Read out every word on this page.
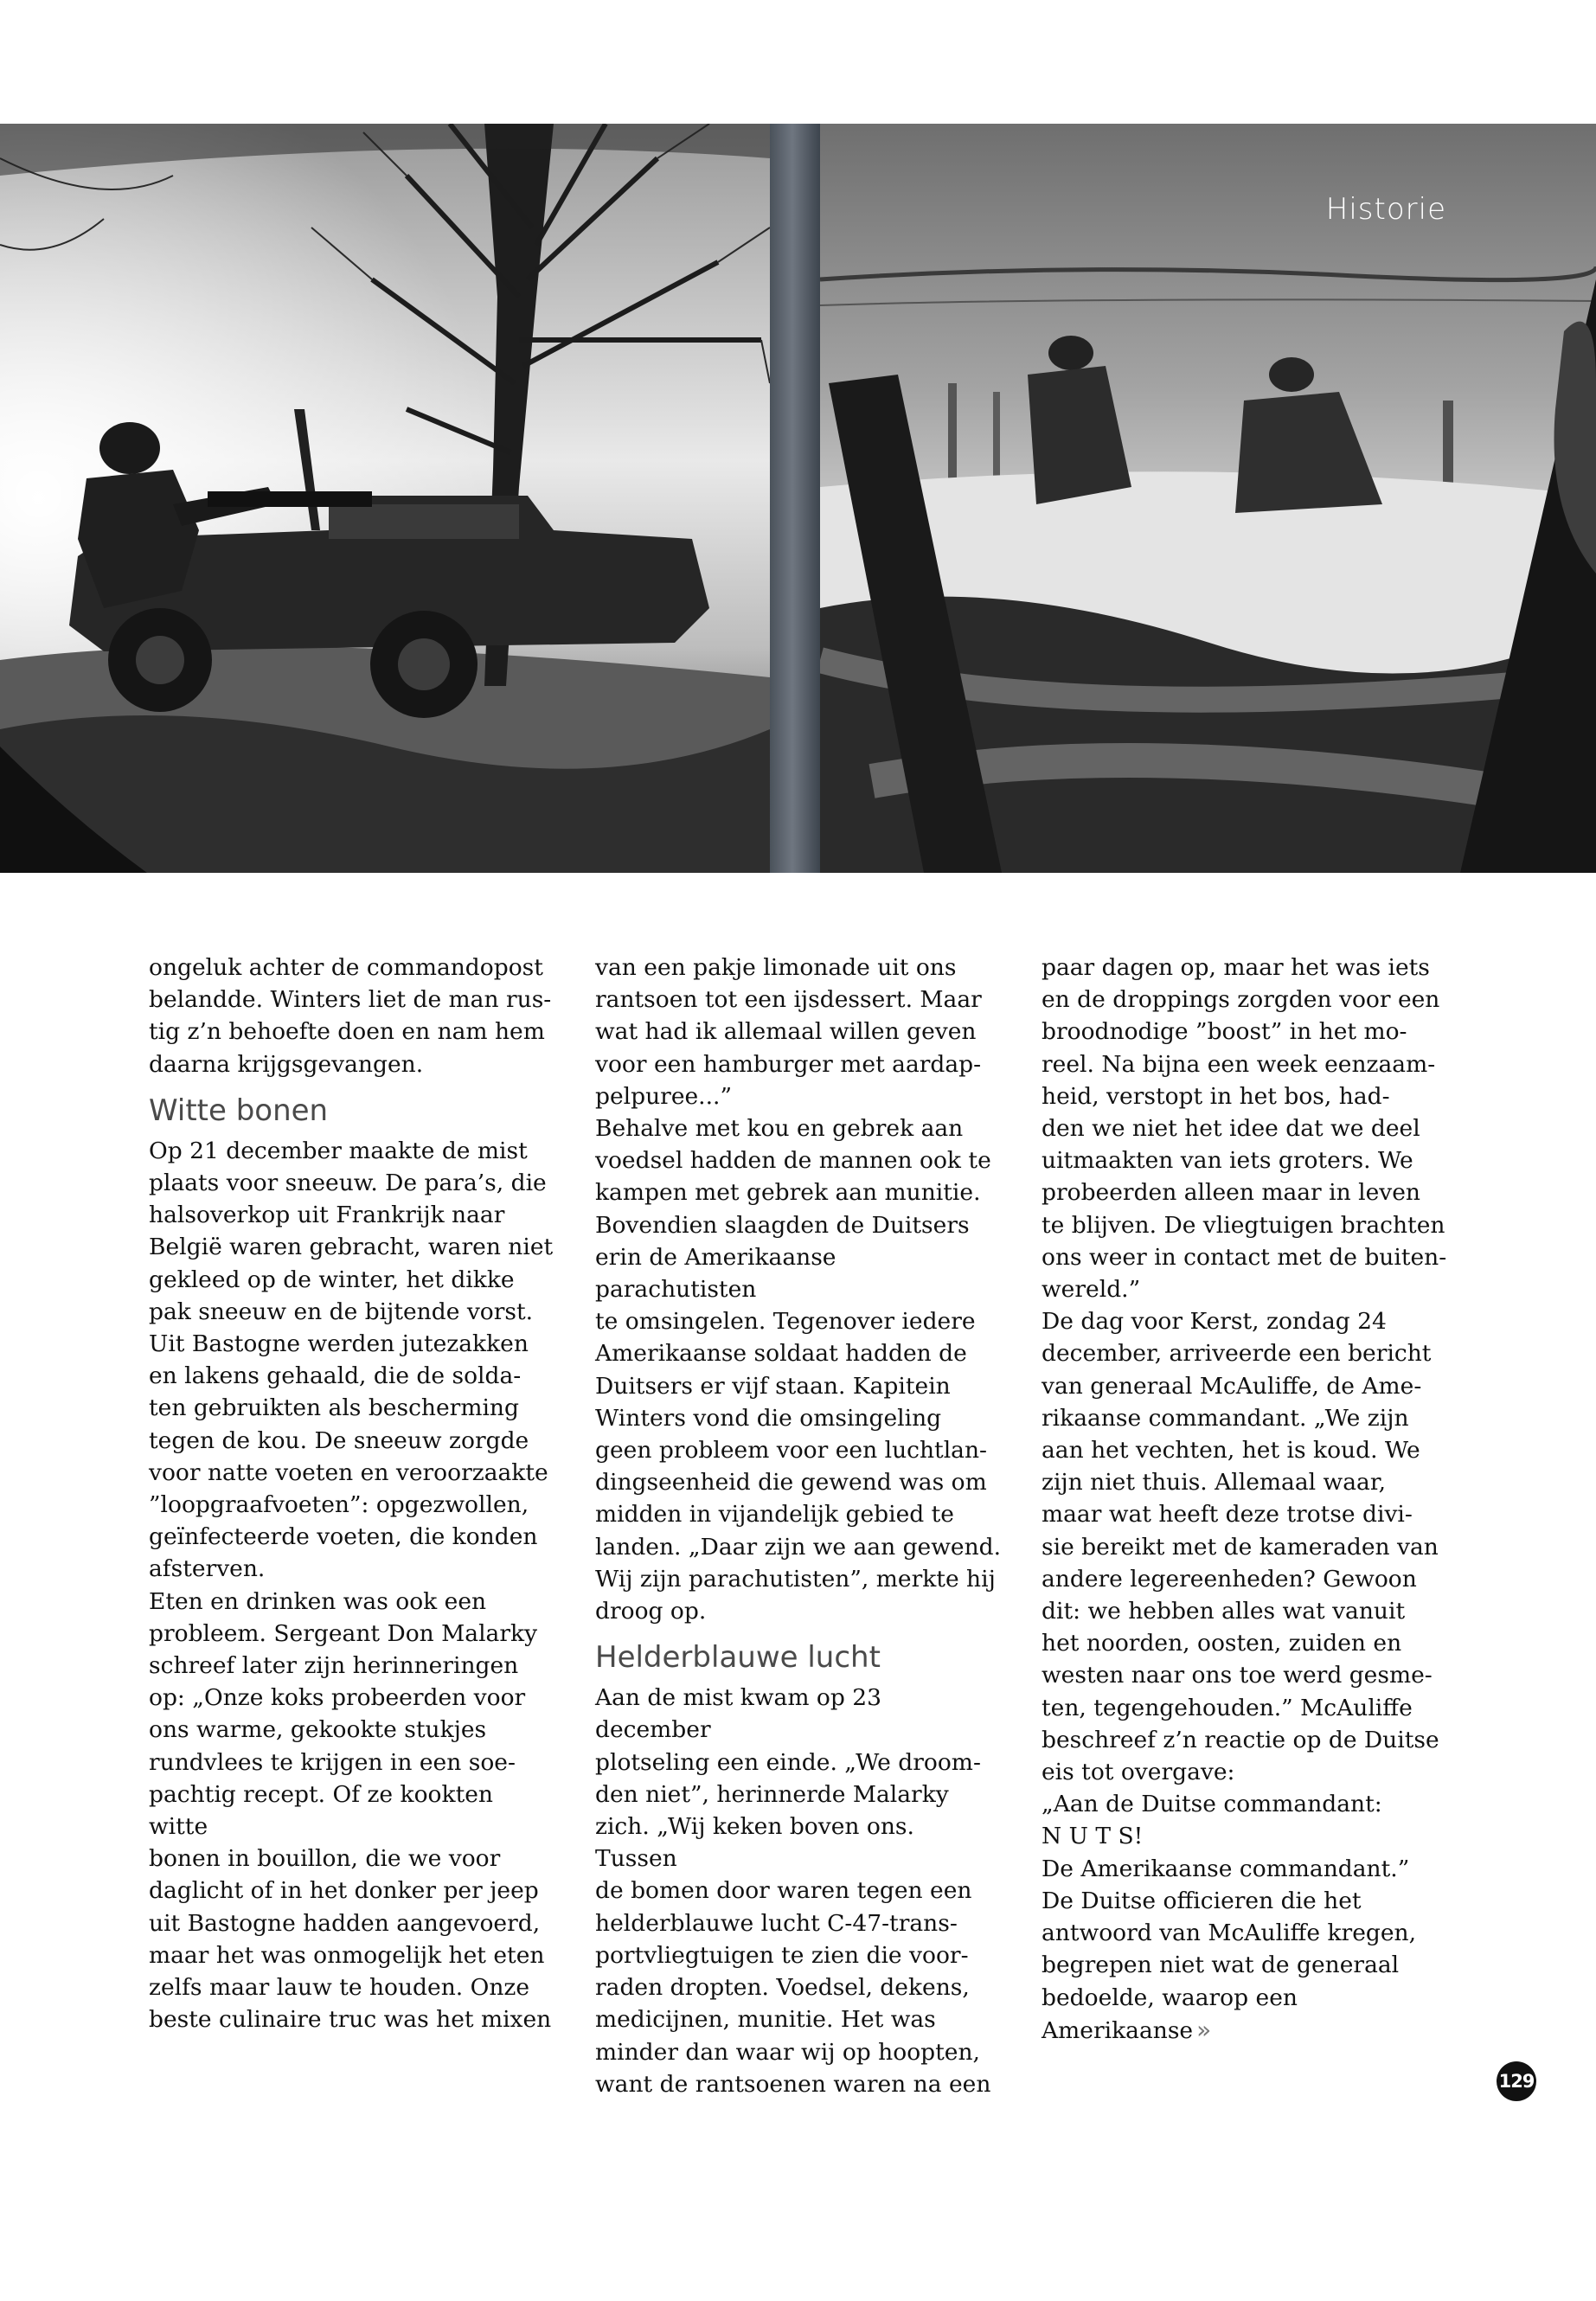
Historie

ongeluk achter de commandopost
belandde. Winters liet de man rus-
tig z’n behoefte doen en nam hem
daarna krijgsgevangen.

Witte bonen

Op 21 december maakte de mist
plaats voor sneeuw. De para’s, die
halsoverkop uit Frankrijk naar
België waren gebracht, waren niet
gekleed op de winter, het dikke
pak sneeuw en de bijtende vorst.
Uit Bastogne werden jutezakken
en lakens gehaald, die de solda-
ten gebruikten als bescherming
tegen de kou. De sneeuw zorgde
voor natte voeten en veroorzaakte
”loopgraafvoeten”: opgezwollen,
geïnfecteerde voeten, die konden
afsterven.

Eten en drinken was ook een
probleem. Sergeant Don Malarky
schreef later zijn herinneringen
op: „Onze koks probeerden voor
ons warme, gekookte stukjes
rundvlees te krijgen in een soe-
pachtig recept. Of ze kookten witte
bonen in bouillon, die we voor
daglicht of in het donker per jeep
uit Bastogne hadden aangevoerd,
maar het was onmogelijk het eten
zelfs maar lauw te houden. Onze
beste culinaire truc was het mixen

van een pakje limonade uit ons
rantsoen tot een ijsdessert. Maar
wat had ik allemaal willen geven
voor een hamburger met aardap-
pelpuree...”

Behalve met kou en gebrek aan
voedsel hadden de mannen ook te
kampen met gebrek aan munitie.
Bovendien slaagden de Duitsers
erin de Amerikaanse parachutisten
te omsingelen. Tegenover iedere
Amerikaanse soldaat hadden de
Duitsers er vijf staan. Kapitein
Winters vond die omsingeling
geen probleem voor een luchtlan-
dingseenheid die gewend was om
midden in vijandelijk gebied te
landen. „Daar zijn we aan gewend.
Wij zijn parachutisten”, merkte hij
droog op.

Helderblauwe lucht

Aan de mist kwam op 23 december
plotseling een einde. „We droom-
den niet”, herinnerde Malarky
zich. „Wij keken boven ons. Tussen
de bomen door waren tegen een
helderblauwe lucht C-47-trans-
portvliegtuigen te zien die voor-
raden dropten. Voedsel, dekens,
medicijnen, munitie. Het was
minder dan waar wij op hoopten,
want de rantsoenen waren na een

paar dagen op, maar het was iets
en de droppings zorgden voor een
broodnodige ”boost” in het mo-
reel. Na bijna een week eenzaam-
heid, verstopt in het bos, had-
den we niet het idee dat we deel
uitmaakten van iets groters. We
probeerden alleen maar in leven
te blijven. De vliegtuigen brachten
ons weer in contact met de buiten-
wereld.”

De dag voor Kerst, zondag 24
december, arriveerde een bericht
van generaal McAuliffe, de Ame-
rikaanse commandant. „We zijn
aan het vechten, het is koud. We
zijn niet thuis. Allemaal waar,
maar wat heeft deze trotse divi-
sie bereikt met de kameraden van
andere legereenheden? Gewoon
dit: we hebben alles wat vanuit
het noorden, oosten, zuiden en
westen naar ons toe werd gesme-
ten, tegengehouden.” McAuliffe
beschreef z’n reactie op de Duitse
eis tot overgave:

„Aan de Duitse commandant:
N U T S!
De Amerikaanse commandant.”

De Duitse officieren die het
antwoord van McAuliffe kregen,
begrepen niet wat de generaal
bedoelde, waarop een Amerikaanse »

129
